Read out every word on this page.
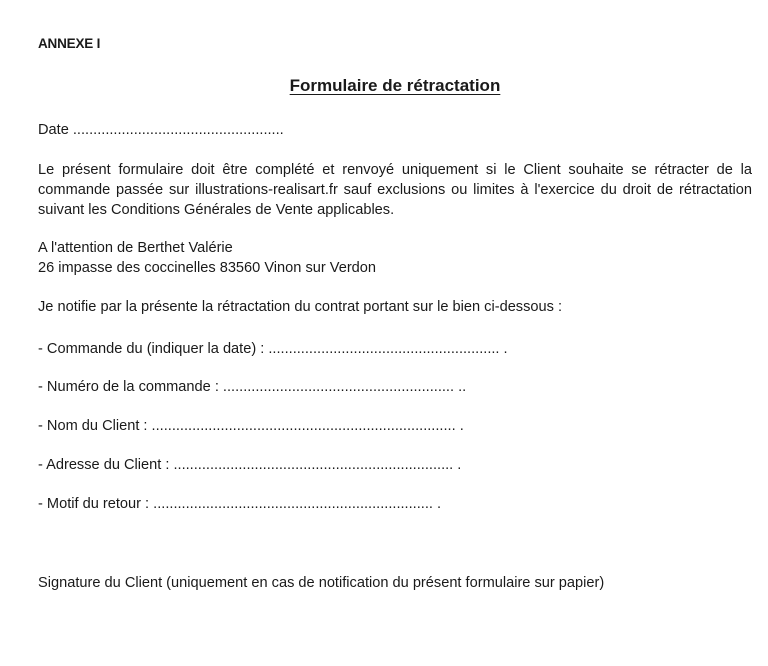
ANNEXE I
Formulaire de rétractation
Date ....................................................
Le présent formulaire doit être complété et renvoyé uniquement si le Client souhaite se rétracter de la commande passée sur illustrations-realisart.fr sauf exclusions ou limites à l'exercice du droit de rétractation suivant les Conditions Générales de Vente applicables.
A l'attention de Berthet Valérie
26 impasse des coccinelles 83560 Vinon sur Verdon
Je notifie par la présente la rétractation du contrat portant sur le bien ci-dessous :
- Commande du (indiquer la date) : ......................................................... .
- Numéro de la commande : ......................................................... ..
- Nom du Client : ........................................................................... .
- Adresse du Client : ..................................................................... .
- Motif du retour : ..................................................................... .
Signature du Client (uniquement en cas de notification du présent formulaire sur papier)
